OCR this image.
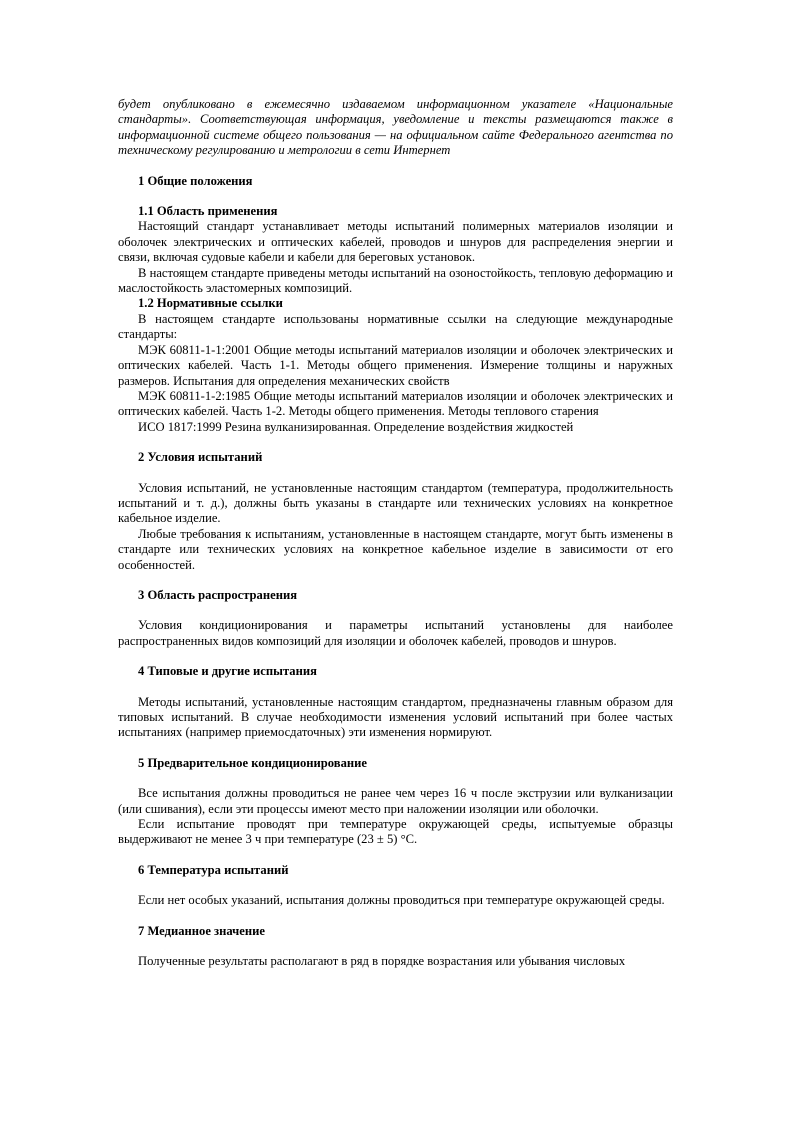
будет опубликовано в ежемесячно издаваемом информационном указателе «Национальные стандарты». Соответствующая информация, уведомление и тексты размещаются также в информационной системе общего пользования — на официальном сайте Федерального агентства по техническому регулированию и метрологии в сети Интернет

1 Общие положения

1.1 Область применения

Настоящий стандарт устанавливает методы испытаний полимерных материалов изоляции и оболочек электрических и оптических кабелей, проводов и шнуров для распределения энергии и связи, включая судовые кабели и кабели для береговых установок.

В настоящем стандарте приведены методы испытаний на озоностойкость, тепловую деформацию и маслостойкость эластомерных композиций.

1.2 Нормативные ссылки

В настоящем стандарте использованы нормативные ссылки на следующие международные стандарты:

МЭК 60811-1-1:2001 Общие методы испытаний материалов изоляции и оболочек электрических и оптических кабелей. Часть 1-1. Методы общего применения. Измерение толщины и наружных размеров. Испытания для определения механических свойств

МЭК 60811-1-2:1985 Общие методы испытаний материалов изоляции и оболочек электрических и оптических кабелей. Часть 1-2. Методы общего применения. Методы теплового старения

ИСО 1817:1999 Резина вулканизированная. Определение воздействия жидкостей

2 Условия испытаний

Условия испытаний, не установленные настоящим стандартом (температура, продолжительность испытаний и т. д.), должны быть указаны в стандарте или технических условиях на конкретное кабельное изделие.

Любые требования к испытаниям, установленные в настоящем стандарте, могут быть изменены в стандарте или технических условиях на конкретное кабельное изделие в зависимости от его особенностей.

3 Область распространения

Условия кондиционирования и параметры испытаний установлены для наиболее распространенных видов композиций для изоляции и оболочек кабелей, проводов и шнуров.

4 Типовые и другие испытания

Методы испытаний, установленные настоящим стандартом, предназначены главным образом для типовых испытаний. В случае необходимости изменения условий испытаний при более частых испытаниях (например приемосдаточных) эти изменения нормируют.

5 Предварительное кондиционирование

Все испытания должны проводиться не ранее чем через 16 ч после экструзии или вулканизации (или сшивания), если эти процессы имеют место при наложении изоляции или оболочки.

Если испытание проводят при температуре окружающей среды, испытуемые образцы выдерживают не менее 3 ч при температуре (23 ± 5) °С.

6 Температура испытаний

Если нет особых указаний, испытания должны проводиться при температуре окружающей среды.

7 Медианное значение

Полученные результаты располагают в ряд в порядке возрастания или убывания числовых
